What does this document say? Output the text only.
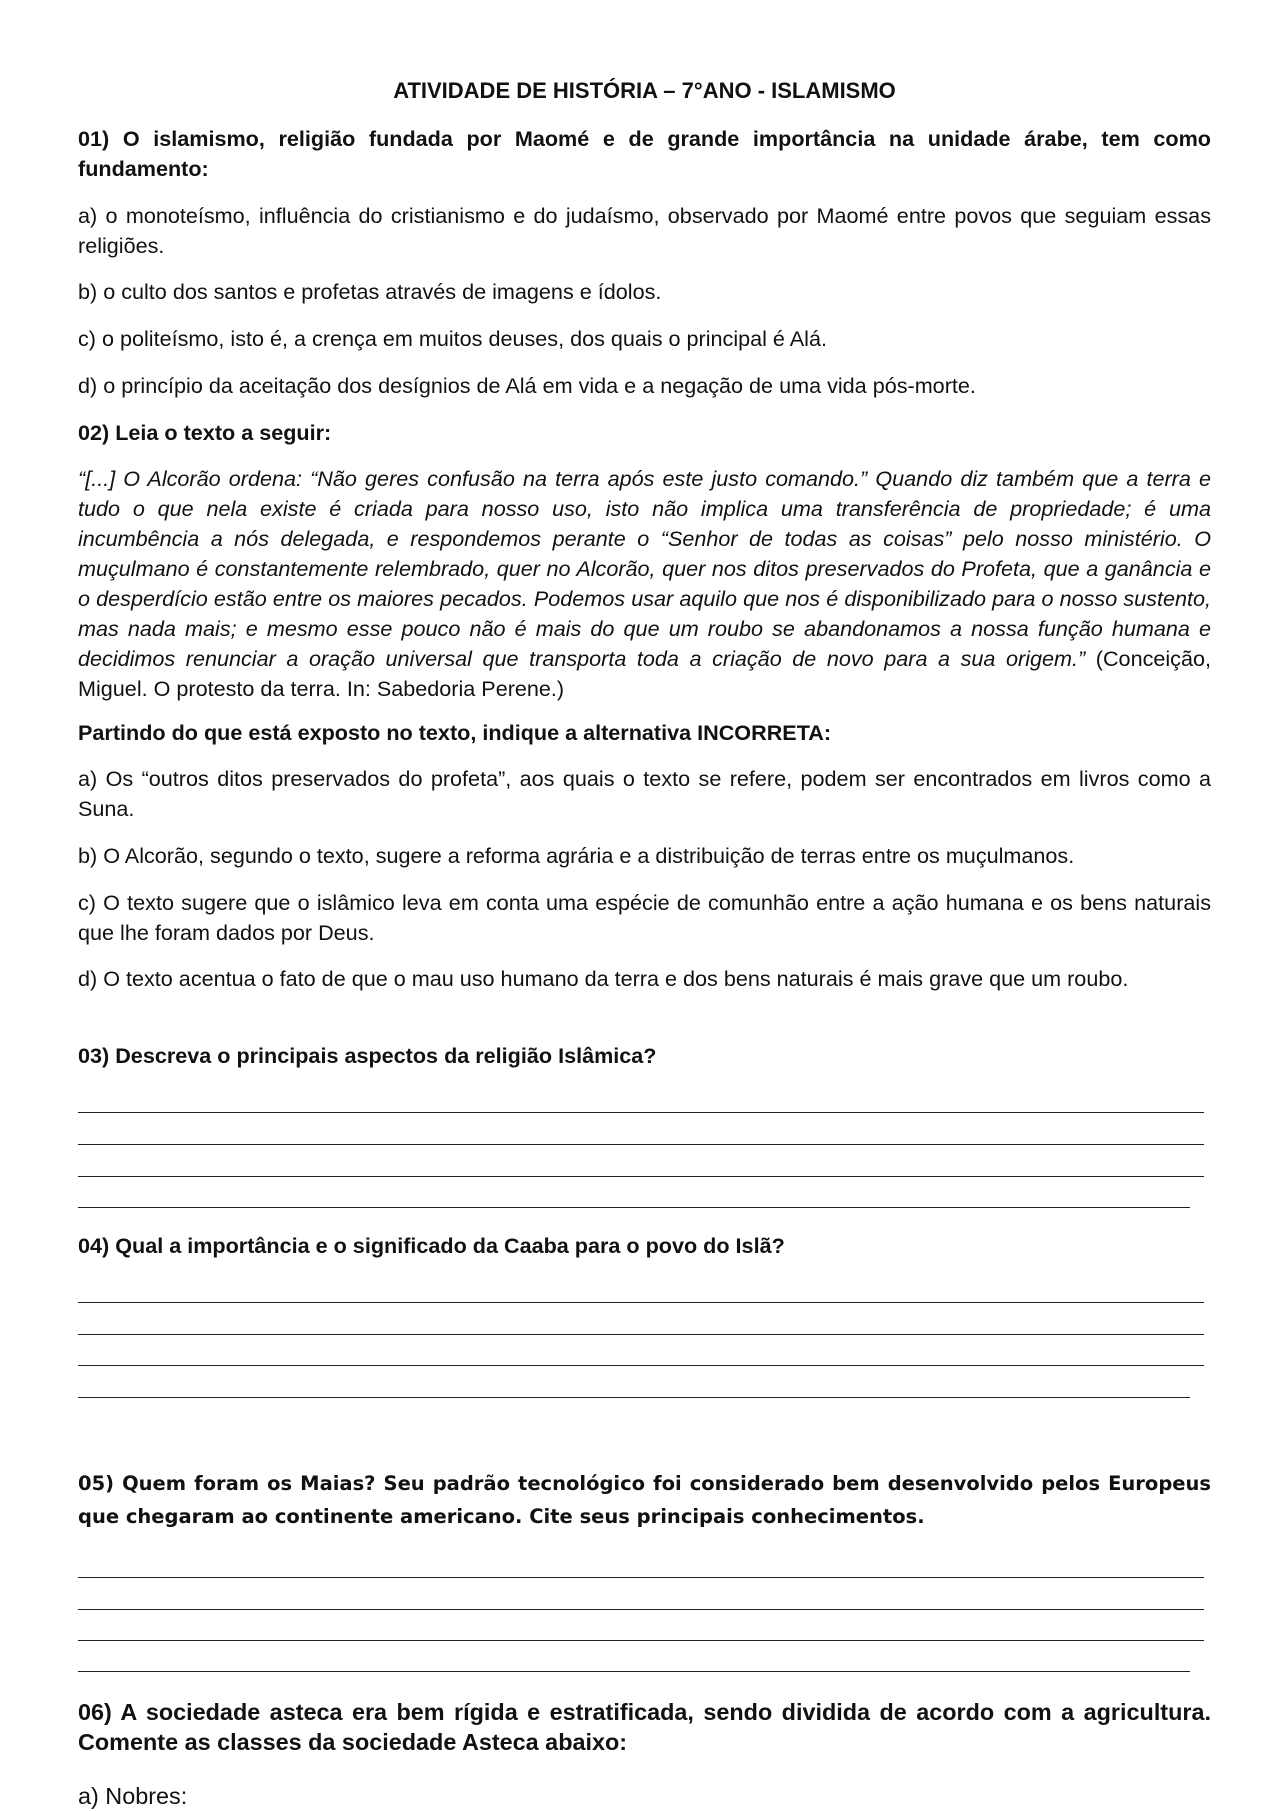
ATIVIDADE DE HISTÓRIA – 7°ANO - ISLAMISMO
01) O islamismo, religião fundada por Maomé e de grande importância na unidade árabe, tem como fundamento:
a) o monoteísmo, influência do cristianismo e do judaísmo, observado por Maomé entre povos que seguiam essas religiões.
b) o culto dos santos e profetas através de imagens e ídolos.
c) o politeísmo, isto é, a crença em muitos deuses, dos quais o principal é Alá.
d) o princípio da aceitação dos desígnios de Alá em vida e a negação de uma vida pós-morte.
02) Leia o texto a seguir:
“[...] O Alcorão ordena: “Não geres confusão na terra após este justo comando.” Quando diz também que a terra e tudo o que nela existe é criada para nosso uso, isto não implica uma transferência de propriedade; é uma incumbência a nós delegada, e respondemos perante o “Senhor de todas as coisas” pelo nosso ministério. O muçulmano é constantemente relembrado, quer no Alcorão, quer nos ditos preservados do Profeta, que a ganância e o desperdício estão entre os maiores pecados. Podemos usar aquilo que nos é disponibilizado para o nosso sustento, mas nada mais; e mesmo esse pouco não é mais do que um roubo se abandonamos a nossa função humana e decidimos renunciar a oração universal que transporta toda a criação de novo para a sua origem.” (Conceição, Miguel. O protesto da terra. In: Sabedoria Perene.)
Partindo do que está exposto no texto, indique a alternativa INCORRETA:
a) Os “outros ditos preservados do profeta”, aos quais o texto se refere, podem ser encontrados em livros como a Suna.
b) O Alcorão, segundo o texto, sugere a reforma agrária e a distribuição de terras entre os muçulmanos.
c) O texto sugere que o islâmico leva em conta uma espécie de comunhão entre a ação humana e os bens naturais que lhe foram dados por Deus.
d) O texto acentua o fato de que o mau uso humano da terra e dos bens naturais é mais grave que um roubo.
03) Descreva o principais aspectos da religião Islâmica?
04) Qual a importância e o significado da Caaba para o povo do Islã?
05) Quem foram os Maias? Seu padrão tecnológico foi considerado bem desenvolvido pelos Europeus que chegaram ao continente americano. Cite seus principais conhecimentos.
06) A sociedade asteca era bem rígida e estratificada, sendo dividida de acordo com a agricultura. Comente as classes da sociedade Asteca abaixo:
a) Nobres:
